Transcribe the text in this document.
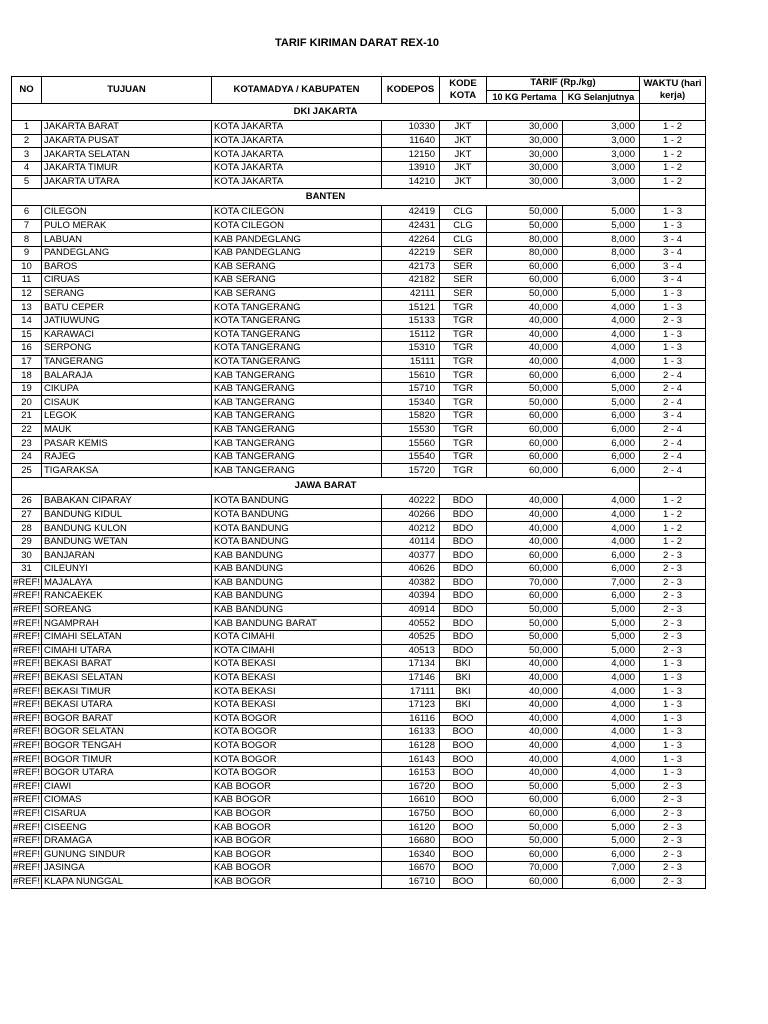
TARIF KIRIMAN DARAT REX-10
NO	TUJUAN	KOTAMADYA / KABUPATEN	KODEPOS	KODE KOTA	TARIF (Rp./kg)		WAKTU (hari kerja)
					10 KG Pertama	KG Selanjutnya	
DKI JAKARTA							
1	JAKARTA BARAT	KOTA JAKARTA	10330	JKT	30,000	3,000	1 - 2
2	JAKARTA PUSAT	KOTA JAKARTA	11640	JKT	30,000	3,000	1 - 2
3	JAKARTA SELATAN	KOTA JAKARTA	12150	JKT	30,000	3,000	1 - 2
4	JAKARTA TIMUR	KOTA JAKARTA	13910	JKT	30,000	3,000	1 - 2
5	JAKARTA UTARA	KOTA JAKARTA	14210	JKT	30,000	3,000	1 - 2
BANTEN							
6	CILEGON	KOTA CILEGON	42419	CLG	50,000	5,000	1 - 3
7	PULO MERAK	KOTA CILEGON	42431	CLG	50,000	5,000	1 - 3
8	LABUAN	KAB PANDEGLANG	42264	CLG	80,000	8,000	3 - 4
9	PANDEGLANG	KAB PANDEGLANG	42219	SER	80,000	8,000	3 - 4
10	BAROS	KAB SERANG	42173	SER	60,000	6,000	3 - 4
11	CIRUAS	KAB SERANG	42182	SER	60,000	6,000	3 - 4
12	SERANG	KAB SERANG	42111	SER	50,000	5,000	1 - 3
13	BATU CEPER	KOTA TANGERANG	15121	TGR	40,000	4,000	1 - 3
14	JATIUWUNG	KOTA TANGERANG	15133	TGR	40,000	4,000	2 - 3
15	KARAWACI	KOTA TANGERANG	15112	TGR	40,000	4,000	1 - 3
16	SERPONG	KOTA TANGERANG	15310	TGR	40,000	4,000	1 - 3
17	TANGERANG	KOTA TANGERANG	15111	TGR	40,000	4,000	1 - 3
18	BALARAJA	KAB TANGERANG	15610	TGR	60,000	6,000	2 - 4
19	CIKUPA	KAB TANGERANG	15710	TGR	50,000	5,000	2 - 4
20	CISAUK	KAB TANGERANG	15340	TGR	50,000	5,000	2 - 4
21	LEGOK	KAB TANGERANG	15820	TGR	60,000	6,000	3 - 4
22	MAUK	KAB TANGERANG	15530	TGR	60,000	6,000	2 - 4
23	PASAR KEMIS	KAB TANGERANG	15560	TGR	60,000	6,000	2 - 4
24	RAJEG	KAB TANGERANG	15540	TGR	60,000	6,000	2 - 4
25	TIGARAKSA	KAB TANGERANG	15720	TGR	60,000	6,000	2 - 4
JAWA BARAT							
26	BABAKAN CIPARAY	KOTA BANDUNG	40222	BDO	40,000	4,000	1 - 2
27	BANDUNG KIDUL	KOTA BANDUNG	40266	BDO	40,000	4,000	1 - 2
28	BANDUNG KULON	KOTA BANDUNG	40212	BDO	40,000	4,000	1 - 2
29	BANDUNG WETAN	KOTA BANDUNG	40114	BDO	40,000	4,000	1 - 2
30	BANJARAN	KAB BANDUNG	40377	BDO	60,000	6,000	2 - 3
31	CILEUNYI	KAB BANDUNG	40626	BDO	60,000	6,000	2 - 3
#REF!	MAJALAYA	KAB BANDUNG	40382	BDO	70,000	7,000	2 - 3
#REF!	RANCAEKEK	KAB BANDUNG	40394	BDO	60,000	6,000	2 - 3
#REF!	SOREANG	KAB BANDUNG	40914	BDO	50,000	5,000	2 - 3
#REF!	NGAMPRAH	KAB BANDUNG BARAT	40552	BDO	50,000	5,000	2 - 3
#REF!	CIMAHI SELATAN	KOTA CIMAHI	40525	BDO	50,000	5,000	2 - 3
#REF!	CIMAHI UTARA	KOTA CIMAHI	40513	BDO	50,000	5,000	2 - 3
#REF!	BEKASI BARAT	KOTA BEKASI	17134	BKI	40,000	4,000	1 - 3
#REF!	BEKASI SELATAN	KOTA BEKASI	17146	BKI	40,000	4,000	1 - 3
#REF!	BEKASI TIMUR	KOTA BEKASI	17111	BKI	40,000	4,000	1 - 3
#REF!	BEKASI UTARA	KOTA BEKASI	17123	BKI	40,000	4,000	1 - 3
#REF!	BOGOR BARAT	KOTA BOGOR	16116	BOO	40,000	4,000	1 - 3
#REF!	BOGOR SELATAN	KOTA BOGOR	16133	BOO	40,000	4,000	1 - 3
#REF!	BOGOR TENGAH	KOTA BOGOR	16128	BOO	40,000	4,000	1 - 3
#REF!	BOGOR TIMUR	KOTA BOGOR	16143	BOO	40,000	4,000	1 - 3
#REF!	BOGOR UTARA	KOTA BOGOR	16153	BOO	40,000	4,000	1 - 3
#REF!	CIAWI	KAB BOGOR	16720	BOO	50,000	5,000	2 - 3
#REF!	CIOMAS	KAB BOGOR	16610	BOO	60,000	6,000	2 - 3
#REF!	CISARUA	KAB BOGOR	16750	BOO	60,000	6,000	2 - 3
#REF!	CISEENG	KAB BOGOR	16120	BOO	50,000	5,000	2 - 3
#REF!	DRAMAGA	KAB BOGOR	16680	BOO	50,000	5,000	2 - 3
#REF!	GUNUNG SINDUR	KAB BOGOR	16340	BOO	60,000	6,000	2 - 3
#REF!	JASINGA	KAB BOGOR	16670	BOO	70,000	7,000	2 - 3
#REF!	KLAPA NUNGGAL	KAB BOGOR	16710	BOO	60,000	6,000	2 - 3
